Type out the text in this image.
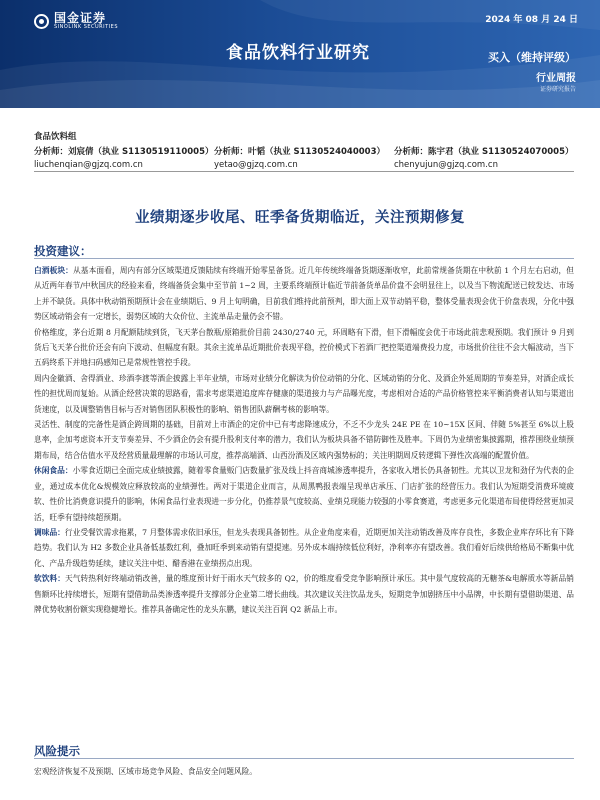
国金证券
SINOLINK SECURITIES
2024 年 08 月 24 日
食品饮料行业研究	买入（维持评级）
行业周报
证券研究报告
食品饮料组
分析师：刘宸倩（执业 S1130519110005）
liuchenqian@gjzq.com.cn
分析师：叶韬（执业 S1130524040003）
yetao@gjzq.com.cn
分析师：陈宇君（执业 S1130524070005）
chenyujun@gjzq.com.cn
业绩期逐步收尾、旺季备货期临近，关注预期修复
投资建议：

白酒板块：从基本面看，周内有部分区域渠道反馈陆续有终端开始零星备货。近几年传统终端备货期逐渐收窄，此前常规备货期在中秋前 1 个月左右启动，但从近两年春节/中秋国庆的经验来看，终端备货会集中至节前 1~2 周，主要系终端预计临近节前备货单品价盘不会明显往上，以及当下物流配送已较发达、市场上并不缺货。具体中秋动销预期预计会在业绩期后、9 月上旬明确，目前我们维持此前预判，即大面上双节动销平稳，整体受量表现会优于价盘表现，分化中强势区域动销会有一定增长，弱势区域的大众价位、主流单品走量仍会不错。

价格维度，茅台近期 8 月配额陆续到货，飞天茅台散瓶/原箱批价目前 2430/2740 元，环周略有下滑，但下滑幅度会优于市场此前悲观预期。我们预计 9 月到货后飞天茅台批价还会有向下波动、但幅度有限。其余主流单品近期批价表现平稳，控价模式下若酒厂把控渠道端费投力度，市场批价往往不会大幅波动，当下五码终系下并地扫码感知已是常规性管控手段。

周内金徽酒、舍得酒业、珍酒李渡等酒企披露上半年业绩，市场对业绩分化解读为价位动销的分化、区域动销的分化、及酒企外延周期的节奏差异，对酒企成长性的担忧周而复始。从酒企经营决策的思路看，需求考虑渠道追度库存健康的渠道接力与产品曝光度，考虑相对合适的产品价格管控来平衡消费者认知与渠道出货速度，以及调整销售目标与否对销售团队积极性的影响、销售团队薪酬考核的影响等。

灵活性、制度的完备性是酒企跨周期的基础，目前对上市酒企的定价中已有考虑降速成分，不乏不少龙头 24E PE 在 10~15X 区间、伴随 5%甚至 6%以上股息率，企加考虑资本开支节奏差异、不少酒企仍会有提升股利支付率的潜力，我们认为板块具备不错防御性及胜率。下周仍为业绩密集披露期，推荐围绕业绩预期布局，结合估值水平及经营质量最理解的市场认可度，推荐高端酒、山西汾酒及区域内强势标的；关注明期周反转逻辑下弹性次高端的配置价值。

休闲食品：小零食近期已全面完成业绩披露，随着零食量贩门店数量扩张及线上抖音商城渗透率提升，各家收入增长仍具备韧性。尤其以卫龙和劲仔为代表的企业，通过成本优化&规模效应释放较高的业绩弹性。两对于渠道企业而言，从周黑鸭报表端呈现单店承压、门店扩张的经营压力。我们认为短期受消费环境疲软、性价比消费意识提升的影响，休闲食品行业表现进一步分化，仍推荐景气度较高、业绩兑现能力较强的小零食赛道，考虑更多元化渠道布局使得经营更加灵活，旺季有望持续超预期。

调味品：行业受餐饮需求拖累，7 月整体需求依旧承压，但龙头表现具备韧性。从企业角度来看，近期更加关注动销改善及库存良性，多数企业库存环比有下降趋势。我们认为 H2 多数企业具备低基数红利，叠加旺季到来动销有望提速。另外成本端持续低位利好，净利率亦有望改善。我们看好后续供给格局不断集中优化、产品升级趋势延续，建议关注中炬、醋香港在业绩拐点出现。

软饮料：天气转热利好终端动销改善，量的维度预计好于雨水天气较多的 Q2，价的维度看受竞争影响预计承压。其中景气度较高的无糖茶&电解质水等新品销售额环比持续增长，短期有望借助品类渗透率提升支撑部分企业第二增长曲线。其次建议关注饮品龙头，短期竞争加剧挤压中小品牌，中长期有望借助渠道、品牌优势收割份额实现稳健增长。推荐具备确定性的龙头东鹏，建议关注百润 Q2 新品上市。

风险提示
宏观经济恢复不及预期、区域市场竞争风险、食品安全问题风险。
